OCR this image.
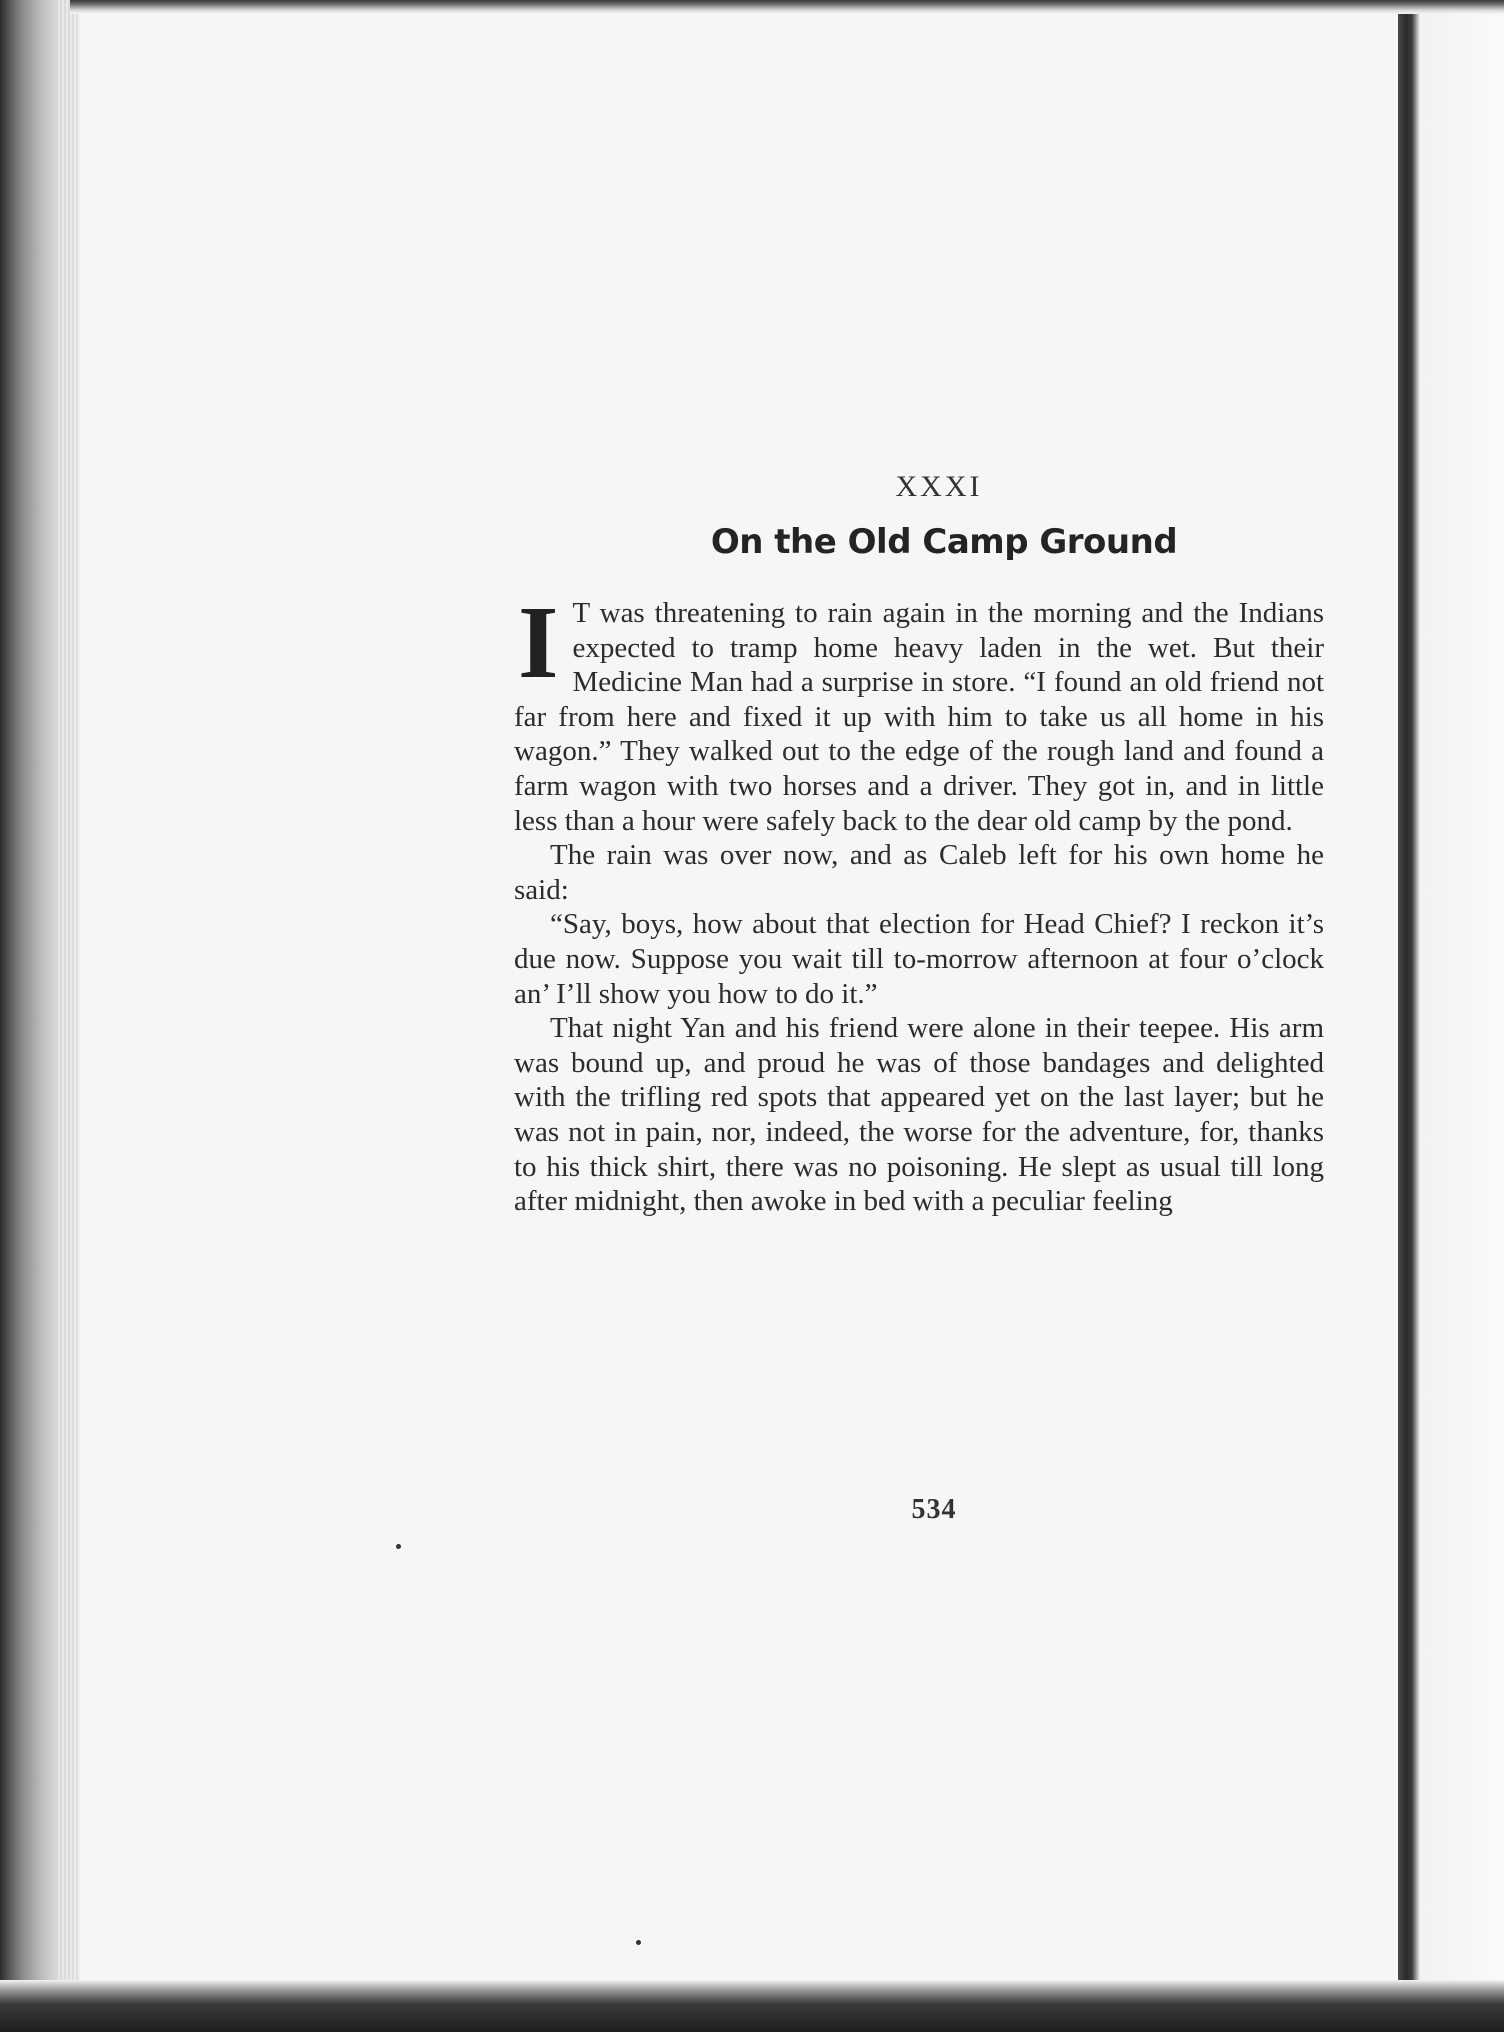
XXXI
On the Old Camp Ground

I T was threatening to rain again in the morning and the Indians expected to tramp home heavy laden in the wet. But their Medicine Man had a surprise in store. “I found an old friend not far from here and fixed it up with him to take us all home in his wagon.” They walked out to the edge of the rough land and found a farm wagon with two horses and a driver. They got in, and in little less than a hour were safely back to the dear old camp by the pond.

The rain was over now, and as Caleb left for his own home he said:

“Say, boys, how about that election for Head Chief? I reckon it’s due now. Suppose you wait till to-morrow afternoon at four o’clock an’ I’ll show you how to do it.”

That night Yan and his friend were alone in their teepee. His arm was bound up, and proud he was of those bandages and delighted with the trifling red spots that appeared yet on the last layer; but he was not in pain, nor, indeed, the worse for the adventure, for, thanks to his thick shirt, there was no poisoning. He slept as usual till long after midnight, then awoke in bed with a peculiar feeling

534
